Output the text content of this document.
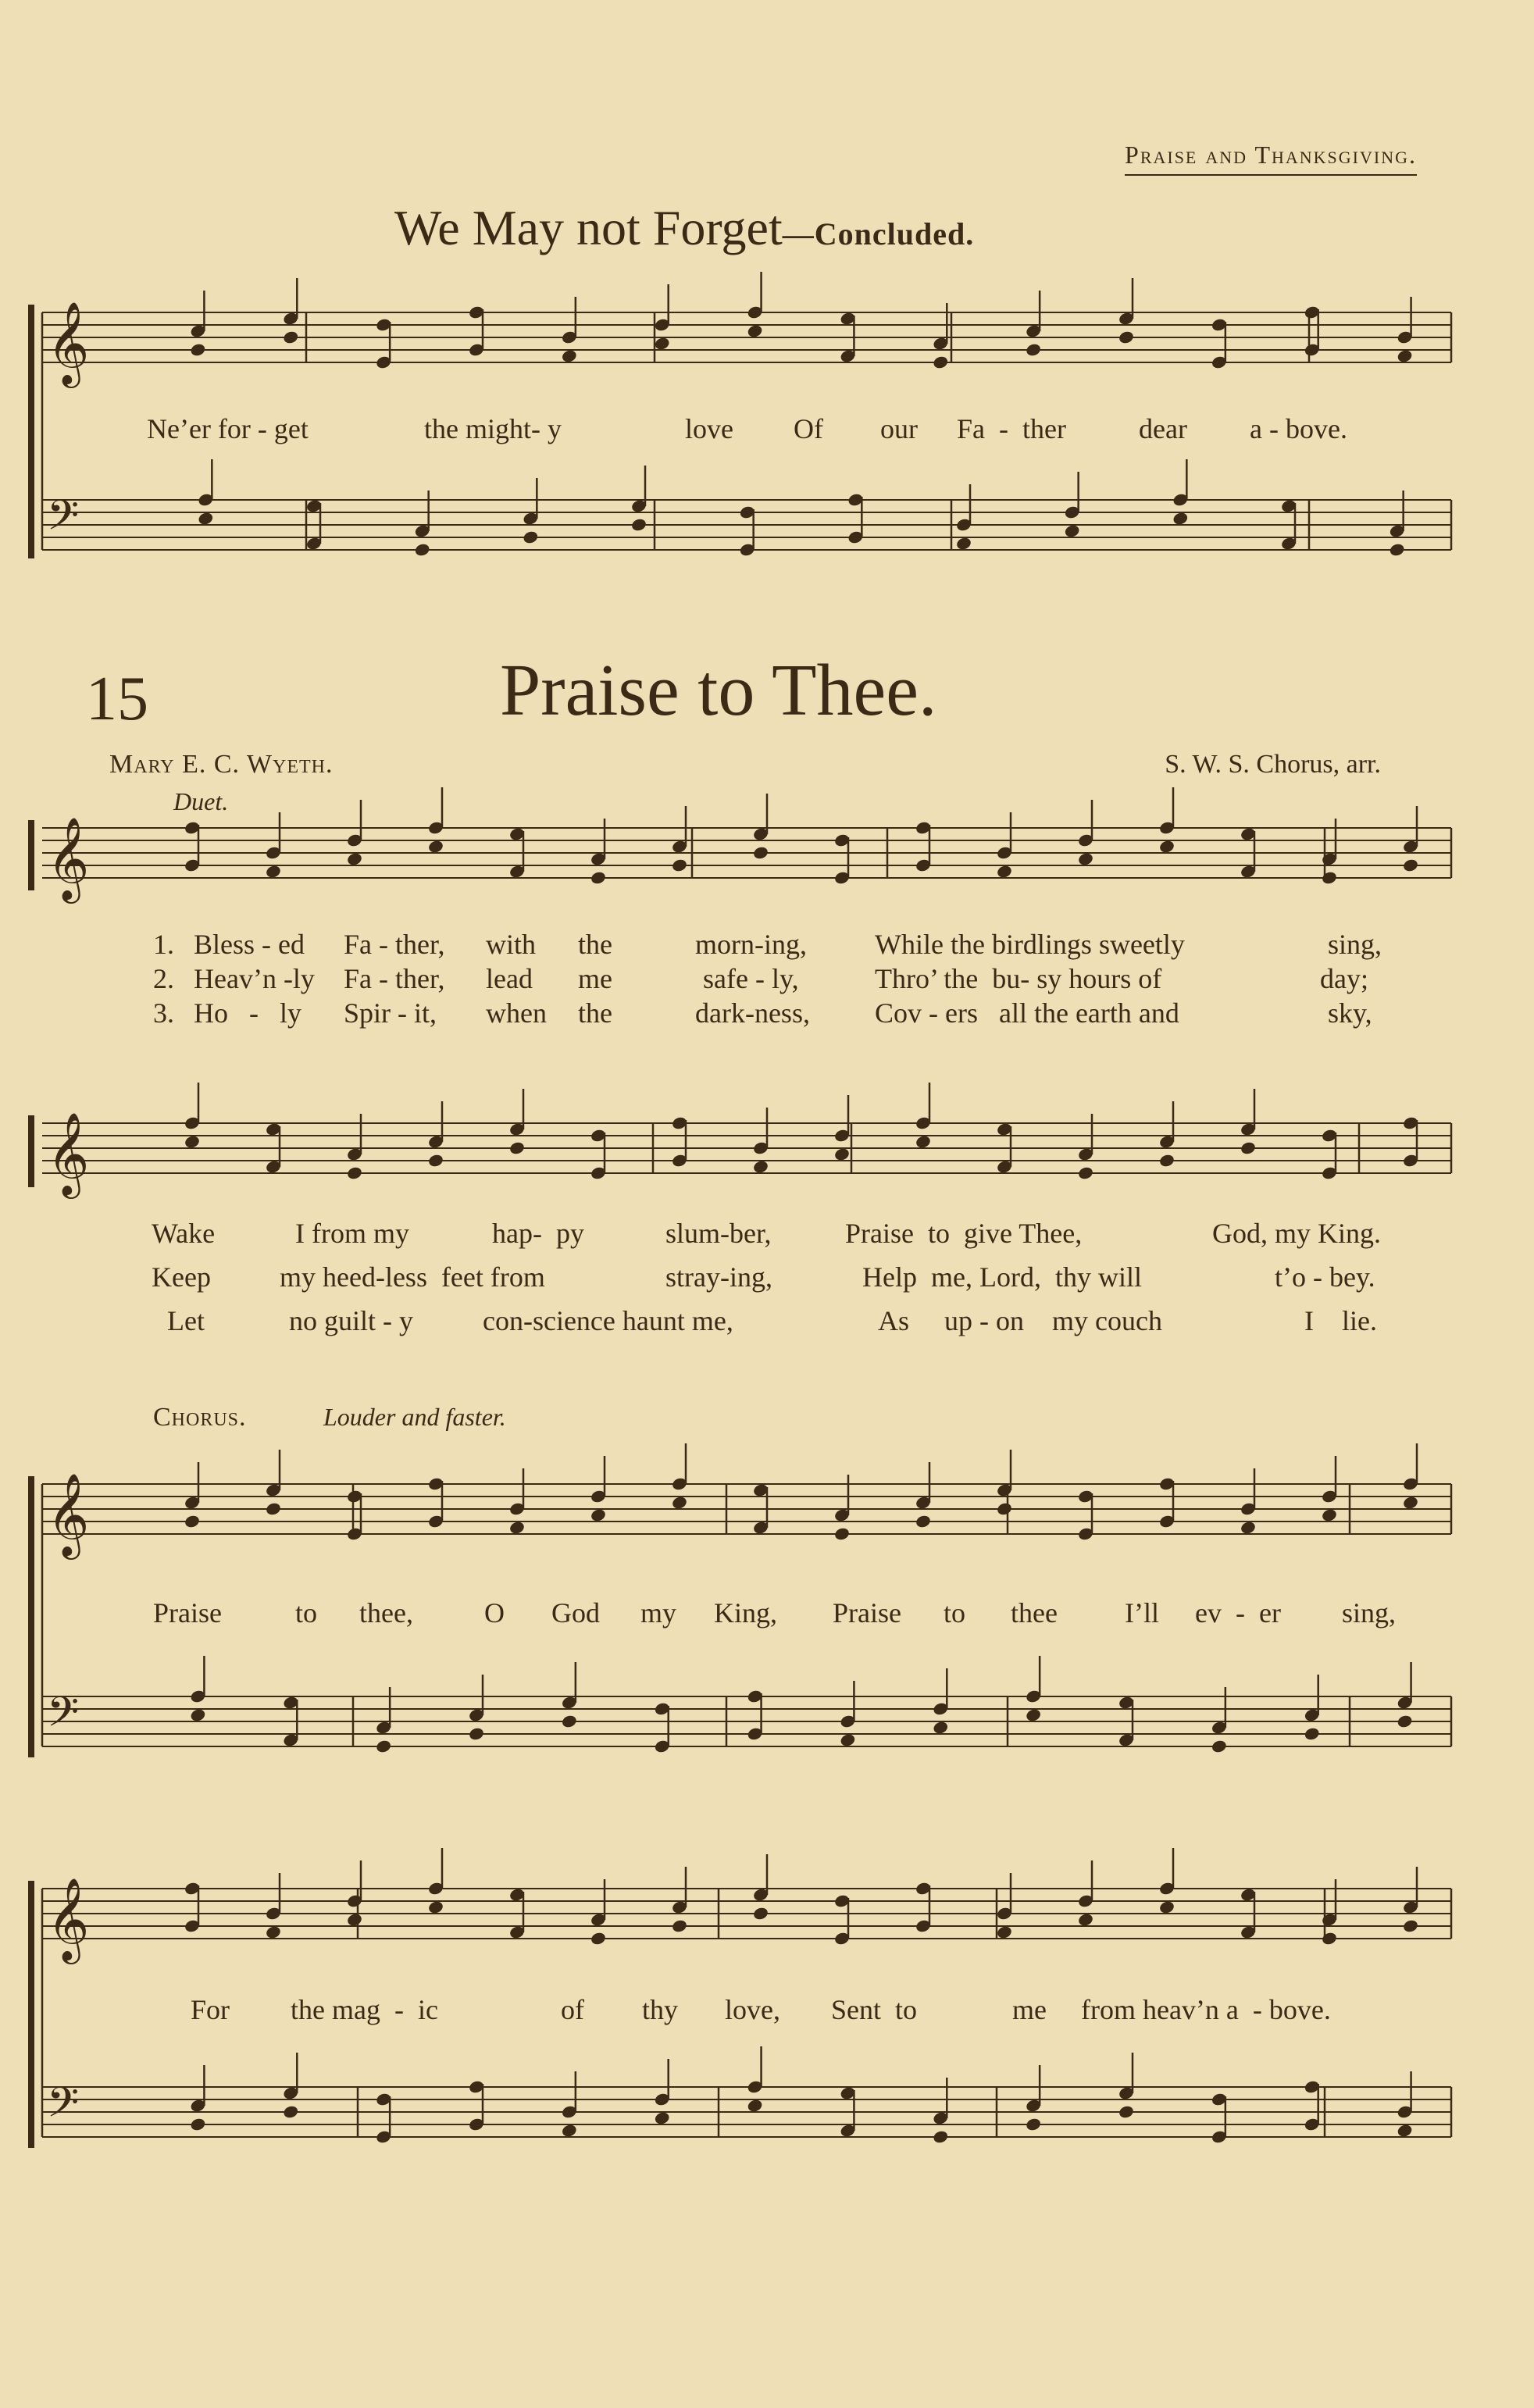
Praise and Thanksgiving.
We May not Forget—Concluded.
Ne’er for - get	the might- y	love Of our Fa  -  ther	dear a - bove.
15	Praise to Thee.
Mary E. C. Wyeth.	S. W. S. Chorus, arr.
Duet.
1. Bless - ed Fa - ther, with the	morn-ing, While the birdlings sweetly	sing,
2. Heav’n -ly Fa - ther, lead me	safe - ly,	Thro’ the  bu- sy hours of	day;
3. Ho   -   ly Spir - it, when the	dark-ness, Cov - ers   all the earth and	sky,
Wake	I from my	hap-  py	slum-ber,	Praise  to  give Thee,	God, my King.
Keep my heed-less  feet from	stray-ing,	Help  me, Lord,  thy will	t’o - bey.
Let	no guilt - y con-science haunt me,	As     up - on    my couch	I    lie.
Chorus.	Louder and faster.
Praise	to thee,	O God my King, Praise to thee I’ll ev  -  er sing,
For the mag  -  ic	of thy love, Sent  to	me from heav’n a  - bove.
𝄞
𝄢
𝄞
𝄞
𝄞
𝄢
𝄞
𝄢
